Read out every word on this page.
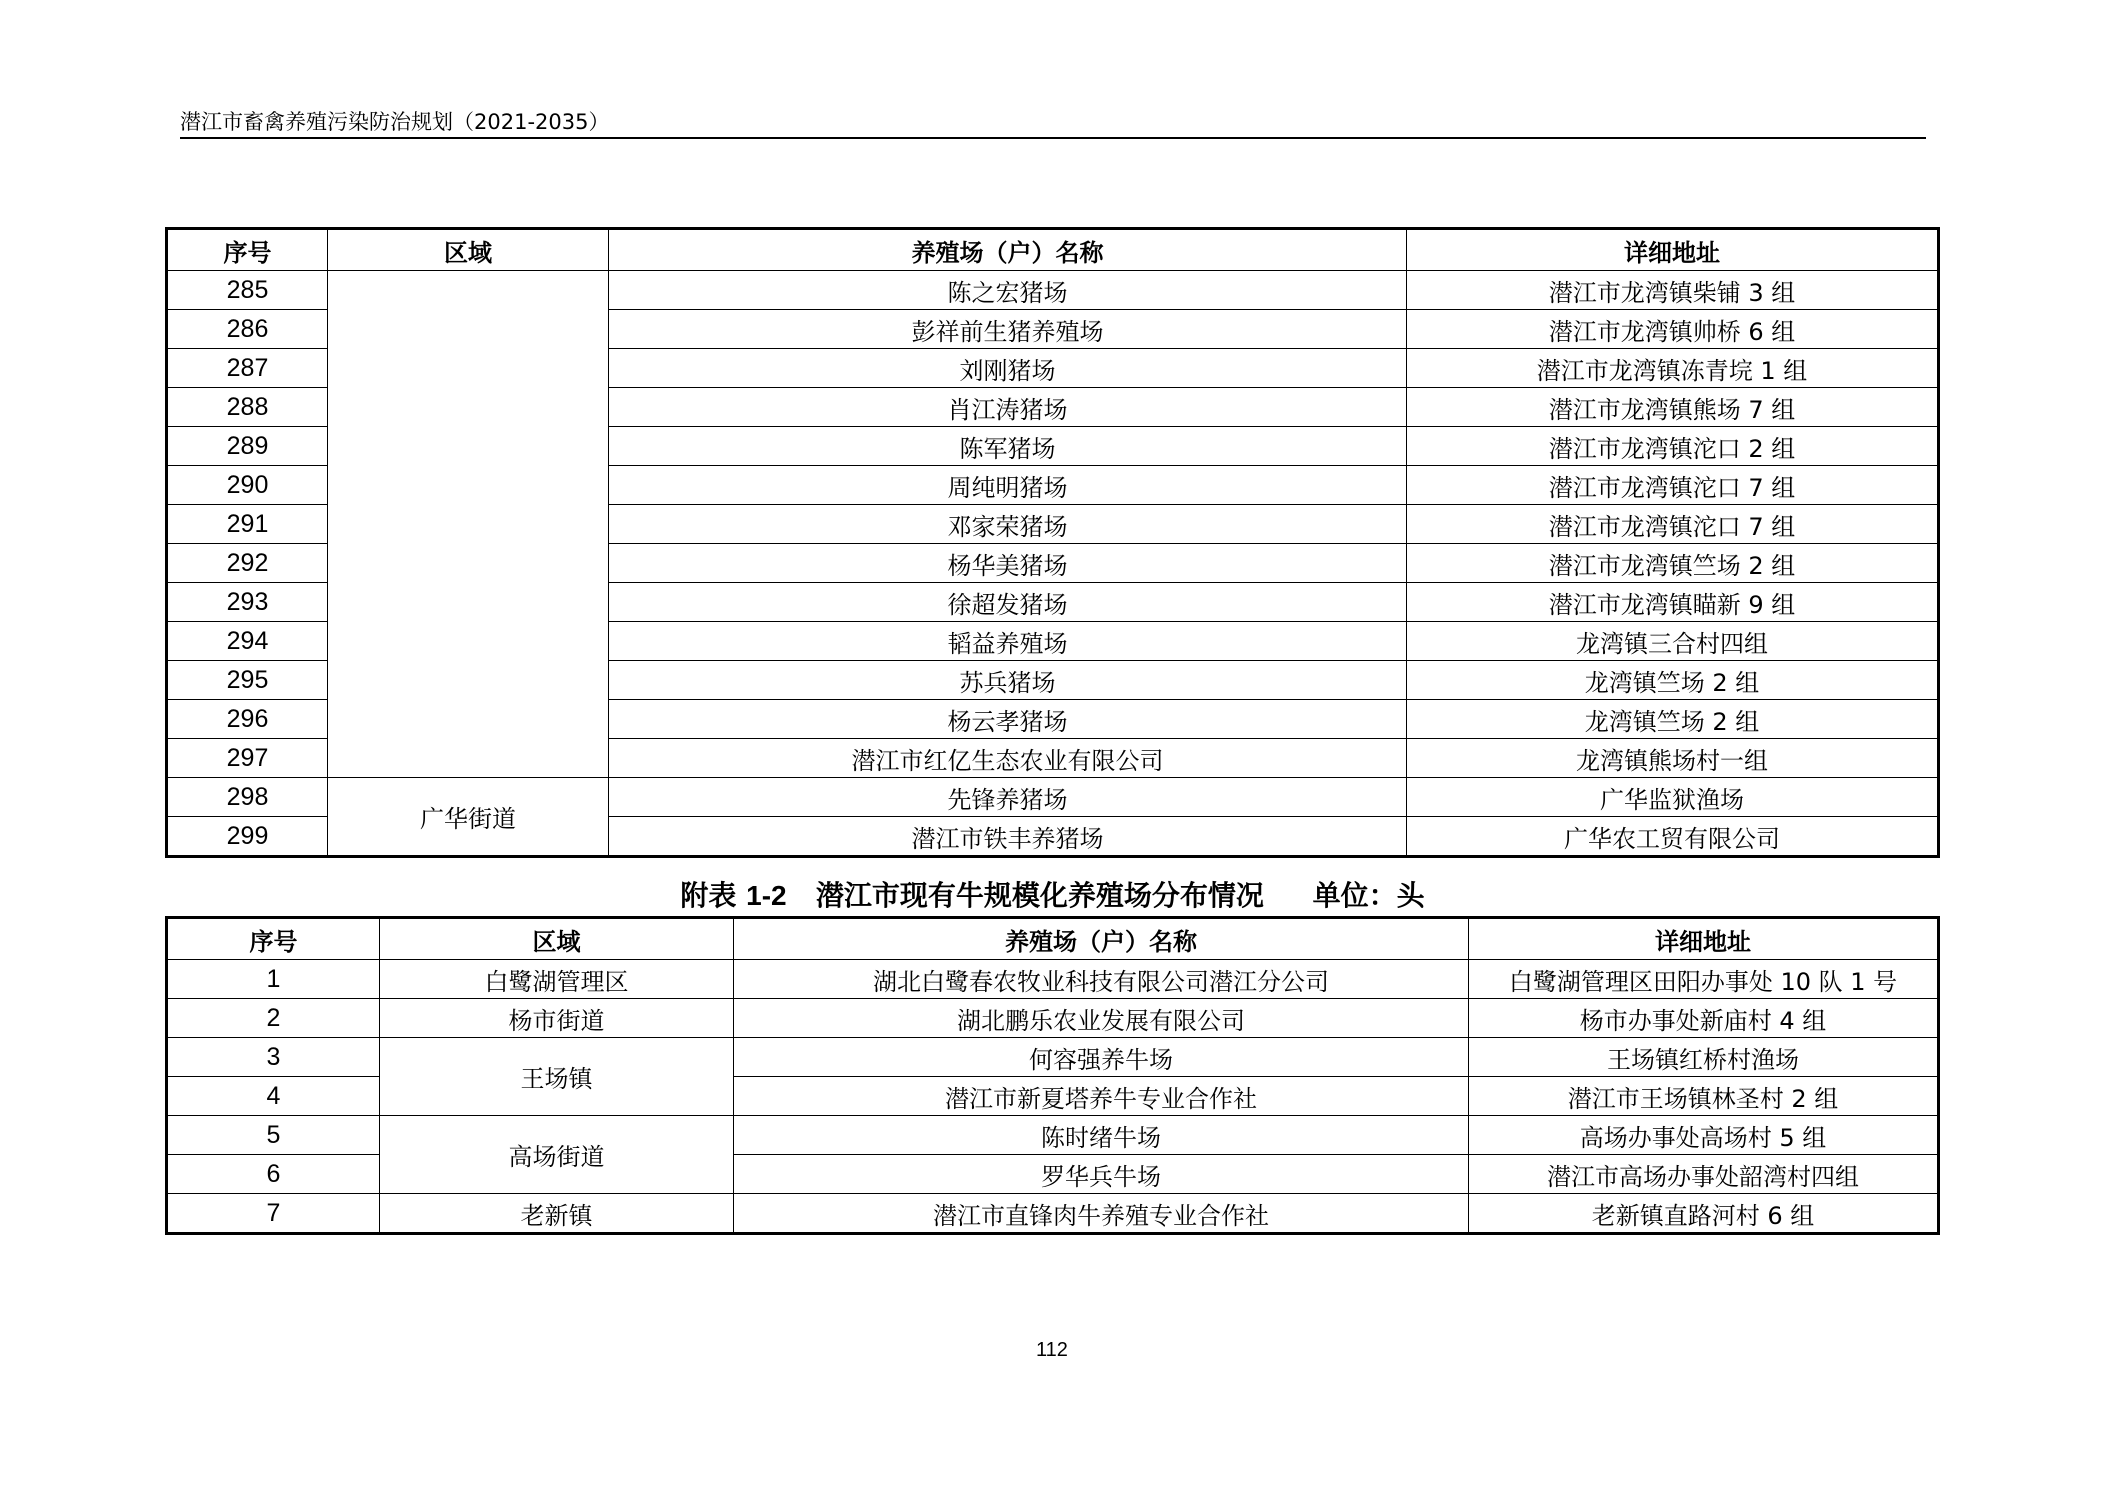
潜江市畜禽养殖污染防治规划（2021-2035）
序号	区域	养殖场（户）名称	详细地址
285		陈之宏猪场	潜江市龙湾镇柴铺 3 组
286		彭祥前生猪养殖场	潜江市龙湾镇帅桥 6 组
287		刘刚猪场	潜江市龙湾镇冻青垸 1 组
288		肖江涛猪场	潜江市龙湾镇熊场 7 组
289		陈军猪场	潜江市龙湾镇沱口 2 组
290		周纯明猪场	潜江市龙湾镇沱口 7 组
291		邓家荣猪场	潜江市龙湾镇沱口 7 组
292		杨华美猪场	潜江市龙湾镇竺场 2 组
293		徐超发猪场	潜江市龙湾镇瞄新 9 组
294		韬益养殖场	龙湾镇三合村四组
295		苏兵猪场	龙湾镇竺场 2 组
296		杨云孝猪场	龙湾镇竺场 2 组
297		潜江市红亿生态农业有限公司	龙湾镇熊场村一组
298	广华街道	先锋养猪场	广华监狱渔场
299		潜江市铁丰养猪场	广华农工贸有限公司
附表 1-2 潜江市现有牛规模化养殖场分布情况 单位：头
序号	区域	养殖场（户）名称	详细地址
1	白鹭湖管理区	湖北白鹭春农牧业科技有限公司潜江分公司	白鹭湖管理区田阳办事处 10 队 1 号
2	杨市街道	湖北鹏乐农业发展有限公司	杨市办事处新庙村 4 组
3	王场镇	何容强养牛场	王场镇红桥村渔场
4		潜江市新夏塔养牛专业合作社	潜江市王场镇林圣村 2 组
5	高场街道	陈时绪牛场	高场办事处高场村 5 组
6		罗华兵牛场	潜江市高场办事处韶湾村四组
7	老新镇	潜江市直锋肉牛养殖专业合作社	老新镇直路河村 6 组
112
